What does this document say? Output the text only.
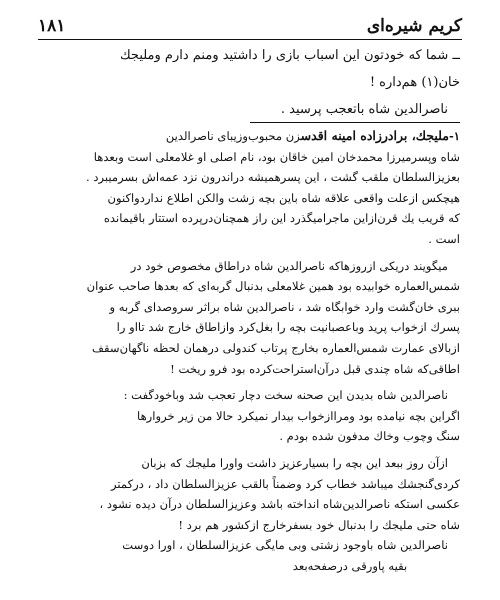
کریم شیره‌ای
۱۸۱

ــ شما که خودتون این اسباب بازی را داشتید ومنم دارم وملیجك

خان(۱) هم‌داره !

ناصرالدین شاه باتعجب پرسید .

۱-ملیجك، برادرزاده امینه اقدسزن محبوب‌وزیبای ناصرالدین

شاه وپسرمیرزا محمدخان امین خاقان بود، نام اصلی او غلامعلی است وبعدها

بعزیزالسلطان ملقب گشت ، این پسرهمیشه دراندرون نزد عمه‌اش بسرمیبرد .

هیچکس ازعلت واقعی علاقه شاه باین بچه زشت والکن اطلاع نداردواکنون

که قریب یك قرن‌ازاین ماجرامیگذرد این راز همچنان‌درپرده استتار باقیمانده

است .

میگویند دریکی ازروزهاکه ناصرالدین شاه دراطاق مخصوص خود در

شمس‌العماره خوابیده بود همین غلامعلی بدنبال گربه‌ای که بعدها صاحب عنوان

ببری خان‌گشت وارد خوابگاه شد ، ناصرالدین شاه براثر سروصدای گربه و

پسرك ازخواب پرید وباعصبانیت بچه را بغل‌کرد وازاطاق خارج شد تااو را

ازبالای عمارت شمس‌العماره بخارج پرتاب کندولی درهمان لحظه ناگهان‌سقف

اطاقی‌که شاه چندی قبل درآن‌استراحت‌کرده بود فرو ریخت !

ناصرالدین شاه بدیدن این صحنه سخت دچار تعجب شد وباخودگفت :

اگراین بچه نیامده بود ومراازخواب بیدار نمیکرد حالا من زیر خروارها

سنگ وچوب وخاك مدفون شده بودم .

ازآن روز ببعد این بچه را بسیارعزیز داشت واورا ملیجك که بزبان

کردی‌گنجشك میباشد خطاب کرد وضمناً بالقب عزیزالسلطان داد ، درکمتر

عکسی استکه ناصرالدین‌شاه انداخته باشد وعزیزالسلطان درآن دیده نشود ،

شاه حتی ملیجك را بدنبال خود بسفرخارج ازکشور هم برد !

ناصرالدین شاه باوجود زشتی وبی مایگی عزیزالسلطان ، اورا دوست

بقیه پاورقی درصفحه‌بعد
